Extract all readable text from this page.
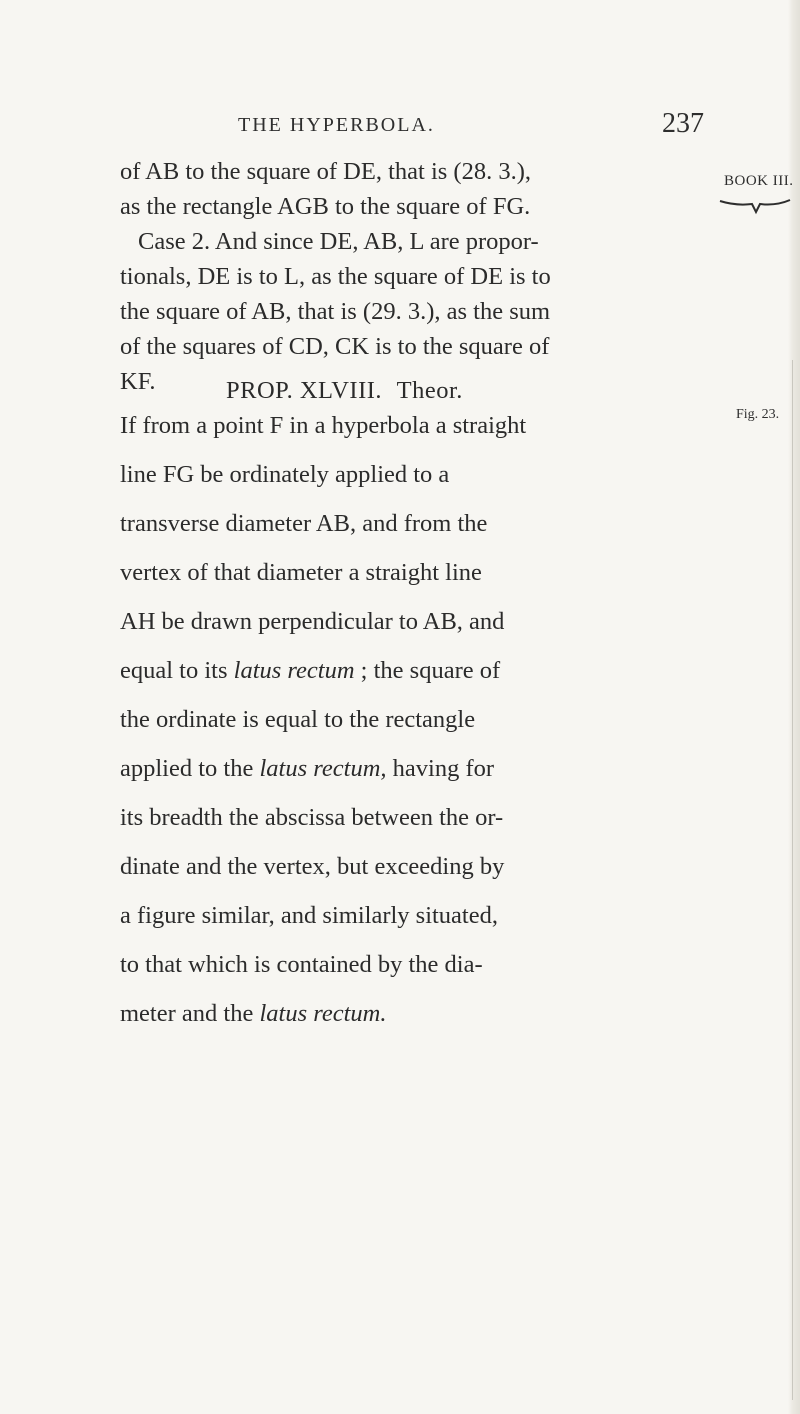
THE HYPERBOLA.	237
BOOK III.
of AB to the square of DE, that is (28. 3.),
as the rectangle AGB to the square of FG.
Case 2. And since DE, AB, L are propor-
tionals, DE is to L, as the square of DE is to
the square of AB, that is (29. 3.), as the sum
of the squares of CD, CK is to the square of
KF.	PROP. XLVIII. Theor.
Fig. 23.
If from a point F in a hyperbola a straight
line FG be ordinately applied to a
transverse diameter AB, and from the
vertex of that diameter a straight line
AH be drawn perpendicular to AB, and
equal to its latus rectum ; the square of
the ordinate is equal to the rectangle
applied to the latus rectum, having for
its breadth the abscissa between the or-
dinate and the vertex, but exceeding by
a figure similar, and similarly situated,
to that which is contained by the dia-
meter and the latus rectum.
